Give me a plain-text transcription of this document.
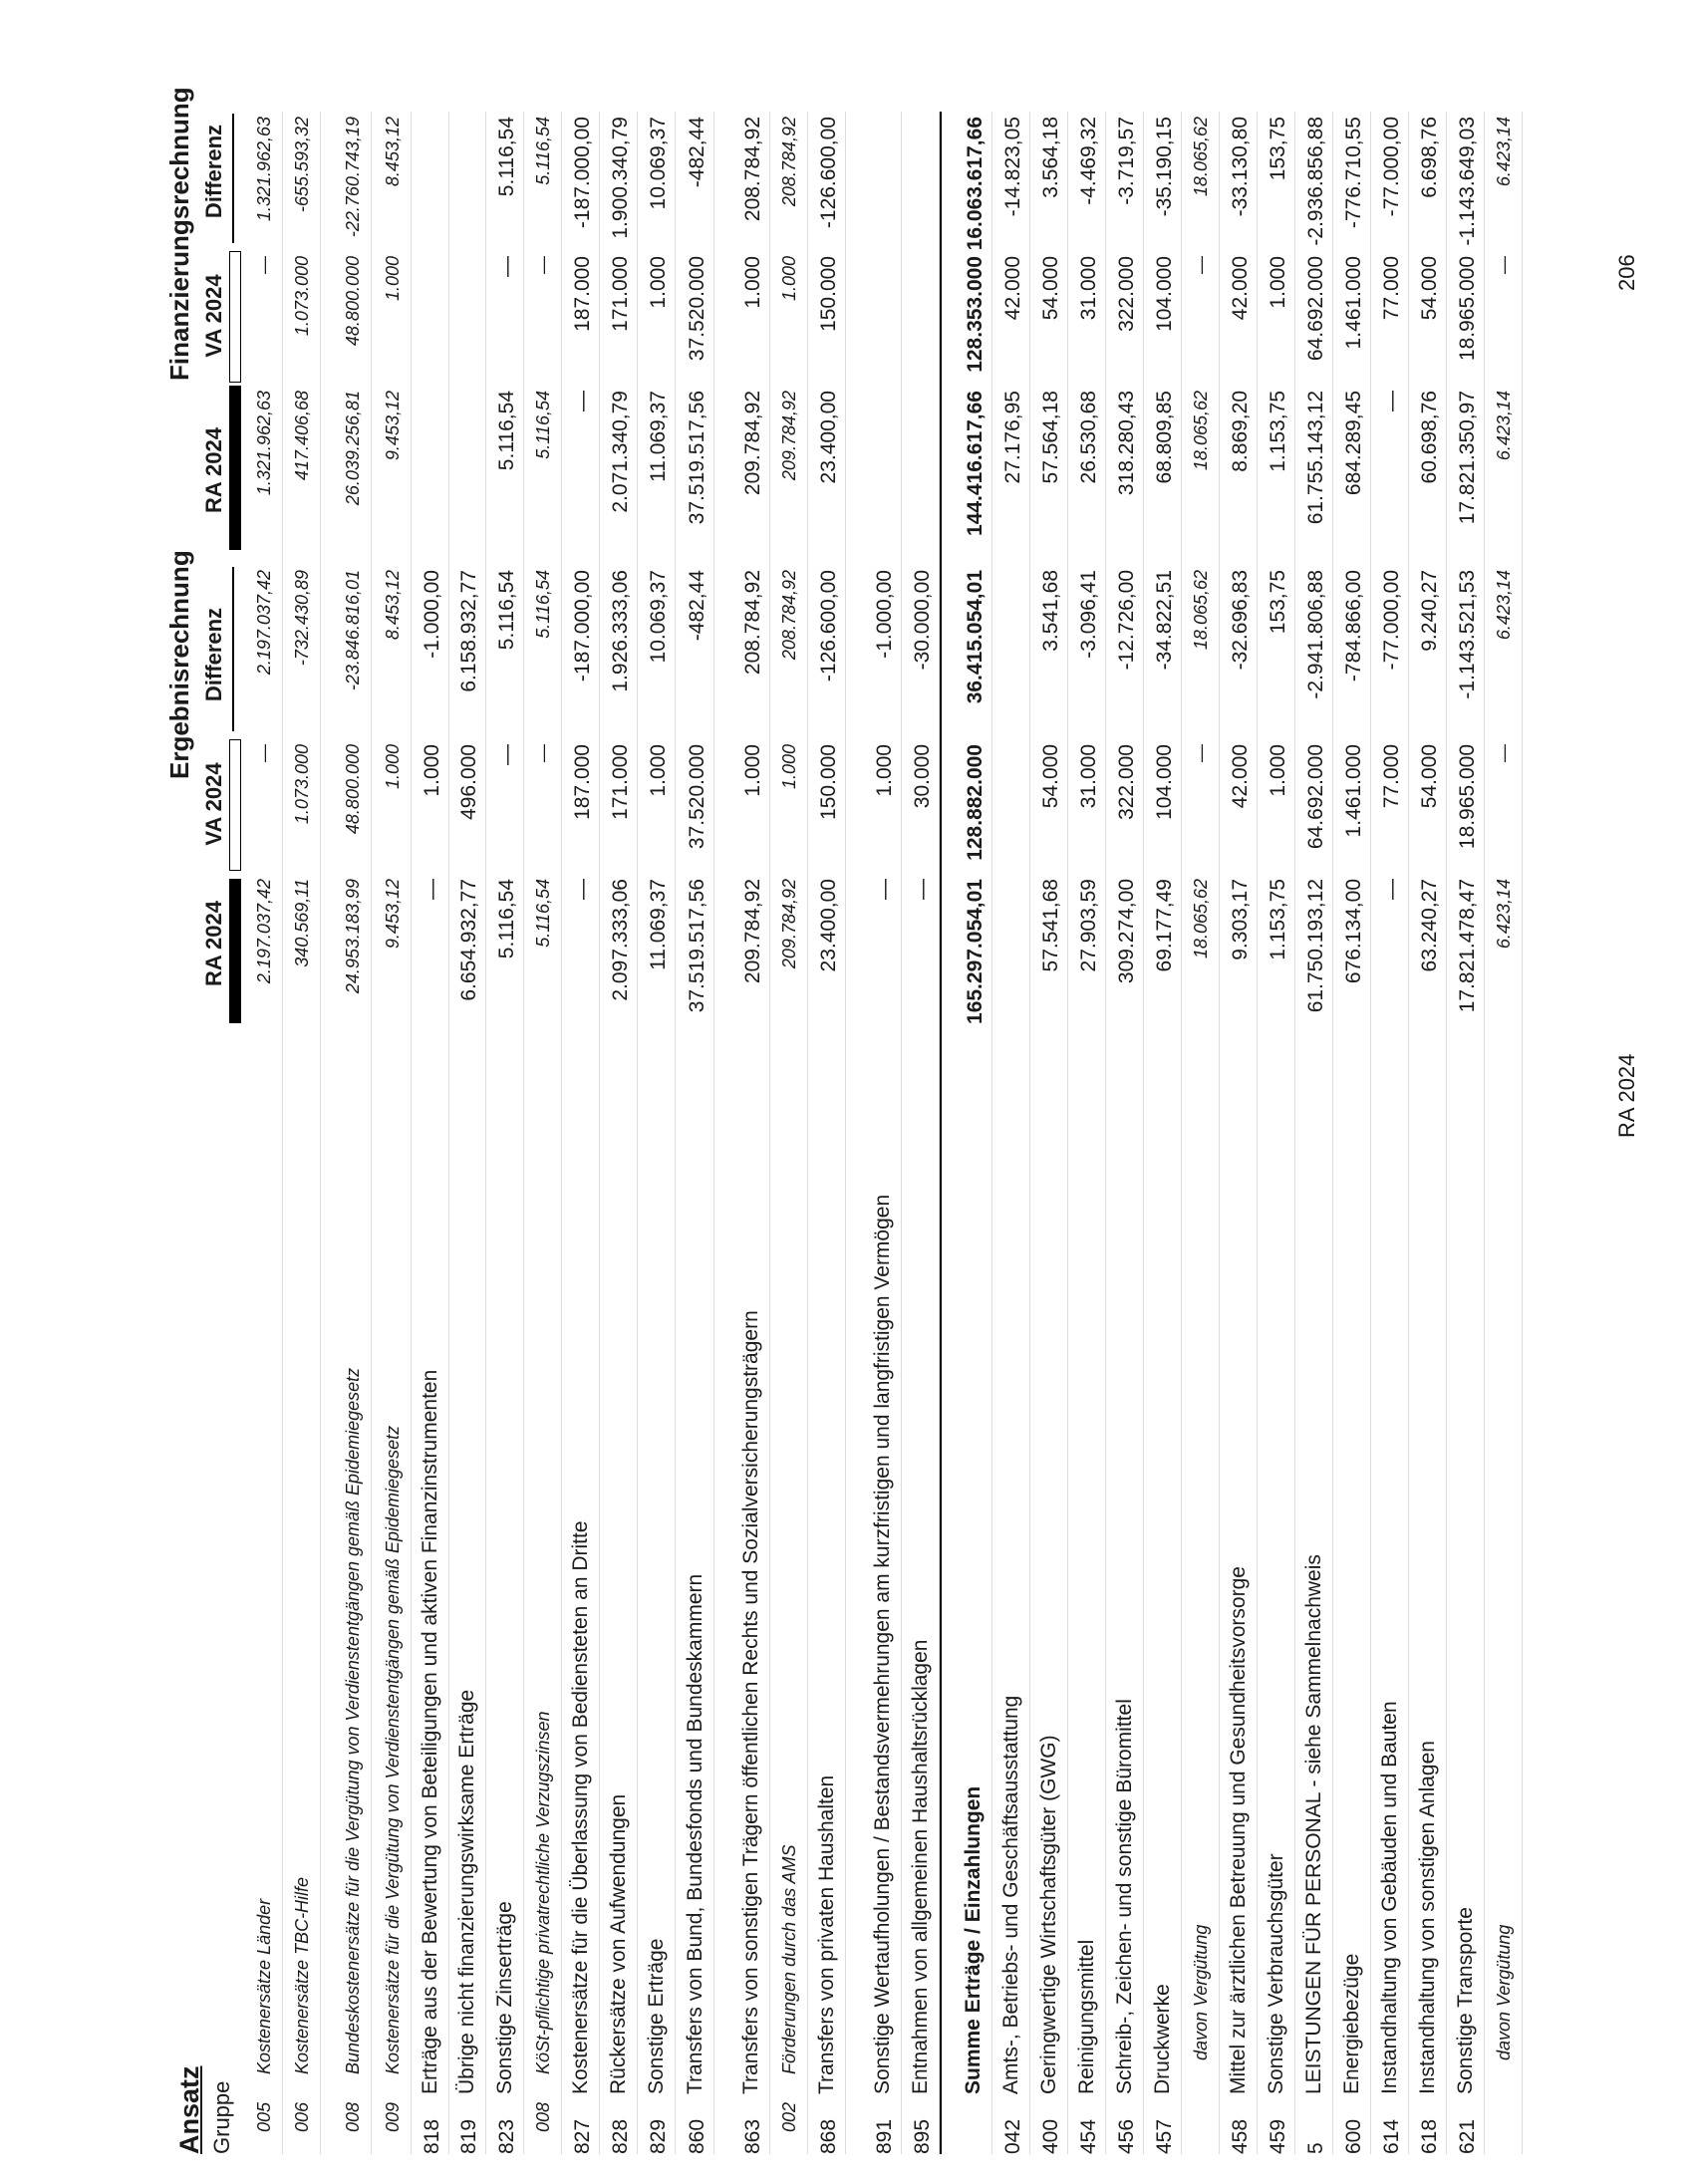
Ansatz Gruppe
Ergebnisrechnung
Finanzierungsrechnung
RA 2024
VA 2024
Differenz
RA 2024
VA 2024
Differenz
005
Kostenersätze Länder
2.197.037,42
—
2.197.037,42
1.321.962,63
—
1.321.962,63
006
Kostenersätze TBC-Hilfe
340.569,11
1.073.000
-732.430,89
417.406,68
1.073.000
-655.593,32
008
Bundeskostenersätze für die Vergütung von Verdienstentgängen gemäß Epidemiegesetz
24.953.183,99
48.800.000
-23.846.816,01
26.039.256,81
48.800.000
-22.760.743,19
009
Kostenersätze für die Vergütung von Verdienstentgängen gemäß Epidemiegesetz
9.453,12
1.000
8.453,12
9.453,12
1.000
8.453,12
818
Erträge aus der Bewertung von Beteiligungen und aktiven Finanzinstrumenten
—
1.000
-1.000,00
819
Übrige nicht finanzierungswirksame Erträge
6.654.932,77
496.000
6.158.932,77
823
Sonstige Zinserträge
5.116,54
—
5.116,54
5.116,54
—
5.116,54
008
KöSt-pflichtige privatrechtliche Verzugszinsen
5.116,54
—
5.116,54
5.116,54
—
5.116,54
827
Kostenersätze für die Überlassung von Bediensteten an Dritte
—
187.000
-187.000,00
—
187.000
-187.000,00
828
Rückersätze von Aufwendungen
2.097.333,06
171.000
1.926.333,06
2.071.340,79
171.000
1.900.340,79
829
Sonstige Erträge
11.069,37
1.000
10.069,37
11.069,37
1.000
10.069,37
860
Transfers von Bund, Bundesfonds und Bundeskammern
37.519.517,56
37.520.000
-482,44
37.519.517,56
37.520.000
-482,44
863
Transfers von sonstigen Trägern öffentlichen Rechts und Sozialversicherungsträgern
209.784,92
1.000
208.784,92
209.784,92
1.000
208.784,92
002
Förderungen durch das AMS
209.784,92
1.000
208.784,92
209.784,92
1.000
208.784,92
868
Transfers von privaten Haushalten
23.400,00
150.000
-126.600,00
23.400,00
150.000
-126.600,00
891
Sonstige Wertaufholungen / Bestandsvermehrungen am kurzfristigen und langfristigen Vermögen
—
1.000
-1.000,00
895
Entnahmen von allgemeinen Haushaltsrücklagen
—
30.000
-30.000,00
Summe Erträge / Einzahlungen
165.297.054,01
128.882.000
36.415.054,01
144.416.617,66
128.353.000
16.063.617,66
042
Amts-, Betriebs- und Geschäftsausstattung
27.176,95
42.000
-14.823,05
400
Geringwertige Wirtschaftsgüter (GWG)
57.541,68
54.000
3.541,68
57.564,18
54.000
3.564,18
454
Reinigungsmittel
27.903,59
31.000
-3.096,41
26.530,68
31.000
-4.469,32
456
Schreib-, Zeichen- und sonstige Büromittel
309.274,00
322.000
-12.726,00
318.280,43
322.000
-3.719,57
457
Druckwerke
69.177,49
104.000
-34.822,51
68.809,85
104.000
-35.190,15
davon Vergütung
18.065,62
—
18.065,62
18.065,62
—
18.065,62
458
Mittel zur ärztlichen Betreuung und Gesundheitsvorsorge
9.303,17
42.000
-32.696,83
8.869,20
42.000
-33.130,80
459
Sonstige Verbrauchsgüter
1.153,75
1.000
153,75
1.153,75
1.000
153,75
5
LEISTUNGEN FÜR PERSONAL - siehe Sammelnachweis
61.750.193,12
64.692.000
-2.941.806,88
61.755.143,12
64.692.000
-2.936.856,88
600
Energiebezüge
676.134,00
1.461.000
-784.866,00
684.289,45
1.461.000
-776.710,55
614
Instandhaltung von Gebäuden und Bauten
—
77.000
-77.000,00
—
77.000
-77.000,00
618
Instandhaltung von sonstigen Anlagen
63.240,27
54.000
9.240,27
60.698,76
54.000
6.698,76
621
Sonstige Transporte
17.821.478,47
18.965.000
-1.143.521,53
17.821.350,97
18.965.000
-1.143.649,03
davon Vergütung
6.423,14
—
6.423,14
6.423,14
—
6.423,14
RA 2024
206
